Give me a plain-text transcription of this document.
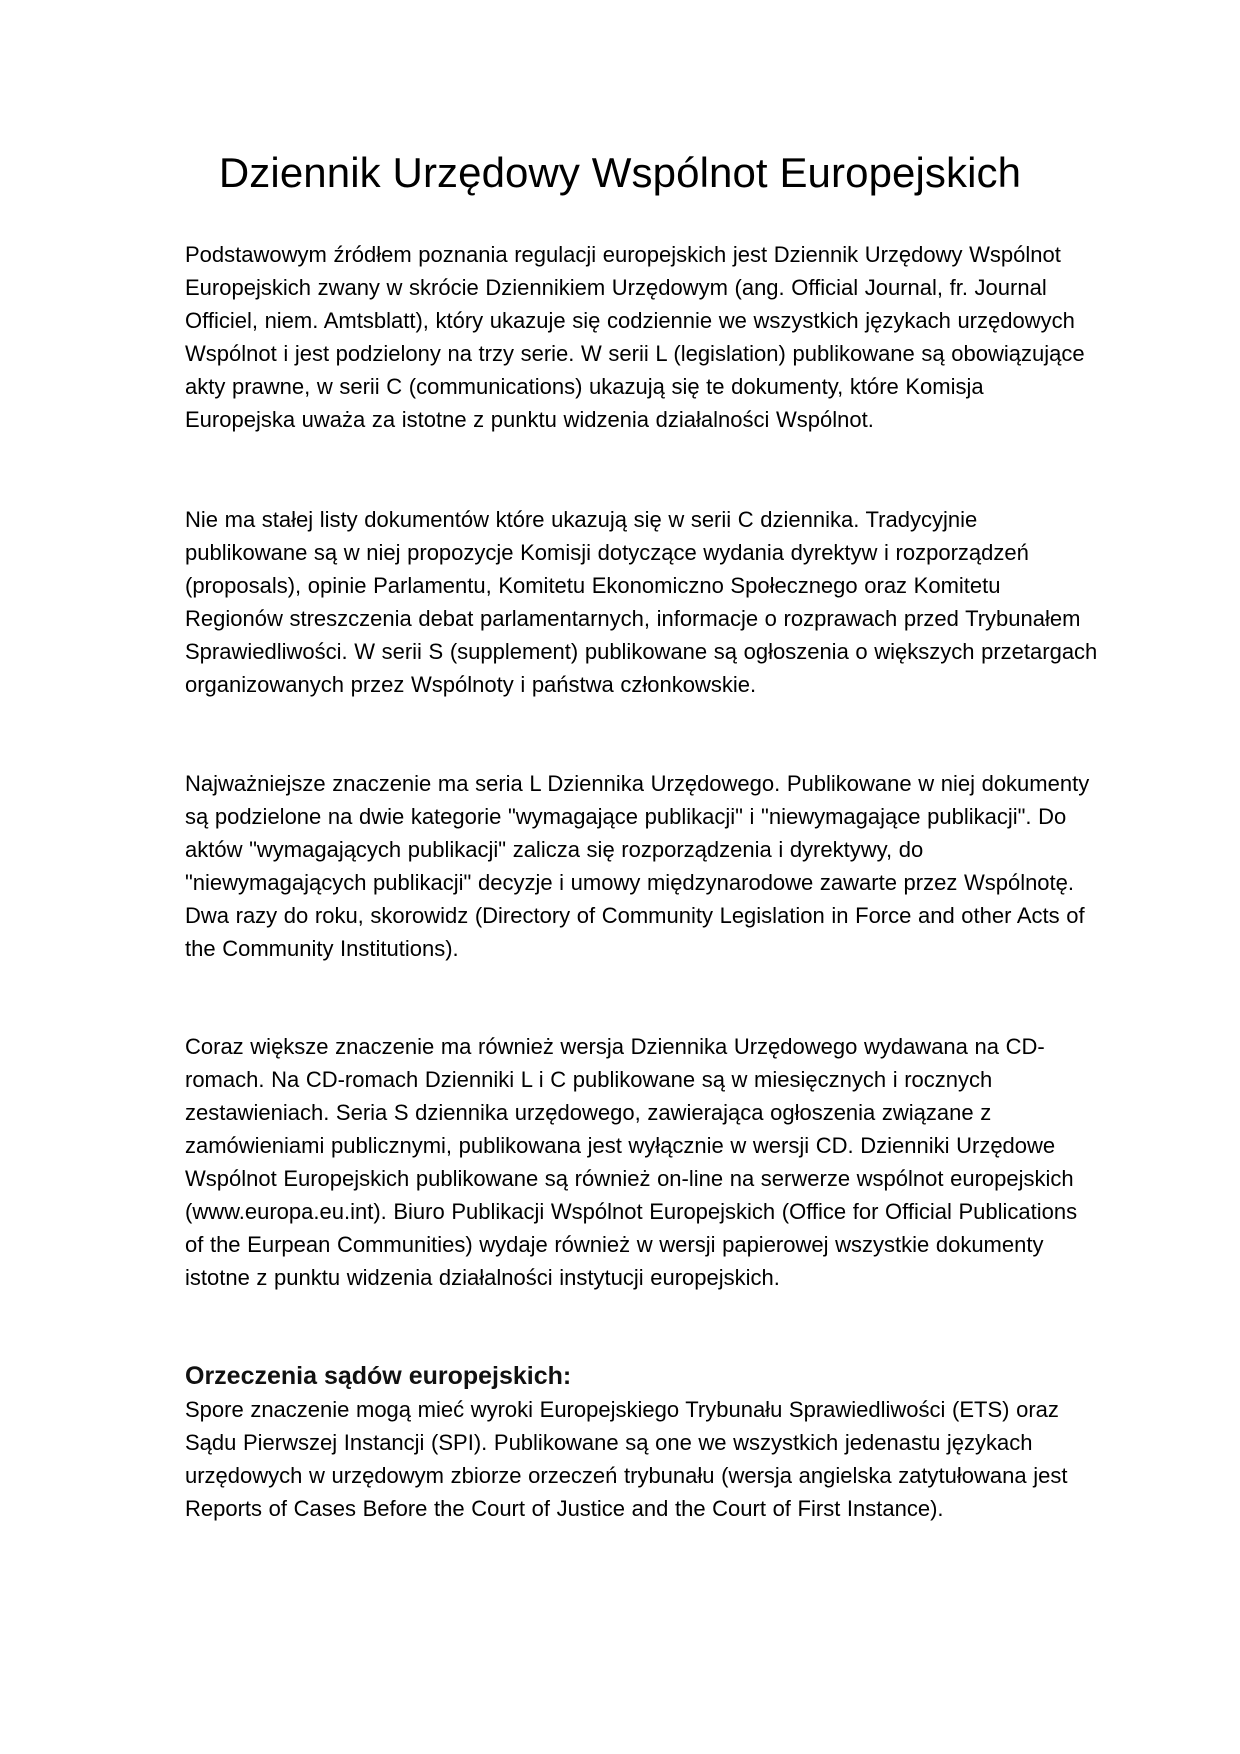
Dziennik Urzędowy Wspólnot Europejskich

Podstawowym źródłem poznania regulacji europejskich jest Dziennik Urzędowy Wspólnot Europejskich zwany w skrócie Dziennikiem Urzędowym (ang. Official Journal, fr. Journal Officiel, niem. Amtsblatt), który ukazuje się codziennie we wszystkich językach urzędowych Wspólnot i jest podzielony na trzy serie. W serii L (legislation) publikowane są obowiązujące akty prawne, w serii C (communications) ukazują się te dokumenty, które Komisja Europejska uważa za istotne z punktu widzenia działalności Wspólnot.

Nie ma stałej listy dokumentów które ukazują się w serii C dziennika. Tradycyjnie publikowane są w niej propozycje Komisji dotyczące wydania dyrektyw i rozporządzeń (proposals), opinie Parlamentu, Komitetu Ekonomiczno Społecznego oraz Komitetu Regionów streszczenia debat parlamentarnych, informacje o rozprawach przed Trybunałem Sprawiedliwości. W serii S (supplement) publikowane są ogłoszenia o większych przetargach organizowanych przez Wspólnoty i państwa członkowskie.

Najważniejsze znaczenie ma seria L Dziennika Urzędowego. Publikowane w niej dokumenty są podzielone na dwie kategorie "wymagające publikacji" i "niewymagające publikacji". Do aktów "wymagających publikacji" zalicza się rozporządzenia i dyrektywy, do "niewymagających publikacji" decyzje i umowy międzynarodowe zawarte przez Wspólnotę. Dwa razy do roku, skorowidz (Directory of Community Legislation in Force and other Acts of the Community Institutions).

Coraz większe znaczenie ma również wersja Dziennika Urzędowego wydawana na CD-romach. Na CD-romach Dzienniki L i C publikowane są w miesięcznych i rocznych zestawieniach. Seria S dziennika urzędowego, zawierająca ogłoszenia związane z zamówieniami publicznymi, publikowana jest wyłącznie w wersji CD. Dzienniki Urzędowe Wspólnot Europejskich publikowane są również on-line na serwerze wspólnot europejskich (www.europa.eu.int). Biuro Publikacji Wspólnot Europejskich (Office for Official Publications of the Eurpean Communities) wydaje również w wersji papierowej wszystkie dokumenty istotne z punktu widzenia działalności instytucji europejskich.

Orzeczenia sądów europejskich:

Spore znaczenie mogą mieć wyroki Europejskiego Trybunału Sprawiedliwości (ETS) oraz Sądu Pierwszej Instancji (SPI). Publikowane są one we wszystkich jedenastu językach urzędowych w urzędowym zbiorze orzeczeń trybunału (wersja angielska zatytułowana jest Reports of Cases Before the Court of Justice and the Court of First Instance).
